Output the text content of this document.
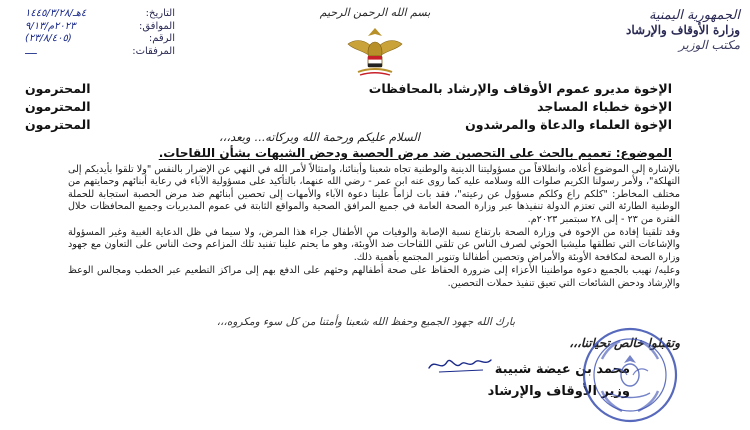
الجمهورية اليمنية
وزارة الأوقاف والإرشاد
مكتب الوزير
بسم الله الرحمن الرحيم
التاريخ:
٤هـ/١٤٤٥/٣/٢٨
الموافق:
٢٠٢٣م/٩/١٣
الرقم:
(٢٣/٨/٤٠٥)
المرفقات:
ــــ
الإخوة مديرو عموم الأوقاف والإرشاد بالمحافظات
الإخوة خطباء المساجد
الإخوة العلماء والدعاة والمرشدون
المحترمون
المحترمون
المحترمون
السلام عليكم ورحمة الله وبركاته... وبعد،،،
الموضوع: تعميم بالحث على التحصين ضد مرض الحصبة ودحض الشبهات بشأن اللقاحات.

بالإشارة إلى الموضوع أعلاه، وانطلاقاً من مسؤوليتنا الدينية والوطنية تجاه شعبنا وأبنائنا، وامتثالاً لأمر الله في النهي عن الإضرار بالنفس "ولا تلقوا بأيديكم إلى التهلكة"، ولأمر رسولنا الكريم صلوات الله وسلامه عليه كما روى عنه ابن عمر - رضي الله عنهما، بالتأكيد على مسؤولية الآباء في رعاية أبنائهم وحمايتهم من مختلف المخاطر: "كلكم راع وكلكم مسؤول عن رعيته"، فقد بات لزاماً علينا دعوة الآباء والأمهات إلى تحصين أبنائهم ضد مرض الحصبة استجابة للحملة الوطنية الطارئة التي تعتزم الدولة تنفيذها عبر وزارة الصحة العامة في جميع المرافق الصحية والمواقع الثابتة في عموم المديريات وجميع المحافظات خلال الفترة من ٢٣ - إلى ٢٨ سبتمبر ٢٠٢٣م.

وقد تلقينا إفادة من الإخوة في وزارة الصحة بارتفاع نسبة الإصابة والوفيات من الأطفال جراء هذا المرض، ولا سيما في ظل الدعاية الغبية وغير المسؤولة والإشاعات التي تطلقها مليشيا الحوثي لصرف الناس عن تلقي اللقاحات ضد الأوبئة، وهو ما يحتم علينا تفنيد تلك المزاعم وحث الناس على التعاون مع جهود وزارة الصحة لمكافحة الأوبئة والأمراض وتحصين أطفالنا وتنوير المجتمع بأهمية ذلك.

وعليه/ نهيب بالجميع دعوة مواطنينا الأعزاء إلى ضرورة الحفاظ على صحة أطفالهم وحثهم على الدفع بهم إلى مراكز التطعيم عبر الخطب ومجالس الوعظ والإرشاد ودحض الشائعات التي تعيق تنفيذ حملات التحصين.

بارك الله جهود الجميع وحفظ الله شعبنا وأمتنا من كل سوء ومكروه،،،
وتقبلوا خالص تحياتنا،،،
محمد بن عيضة شبيبة
وزير الأوقاف والإرشاد
